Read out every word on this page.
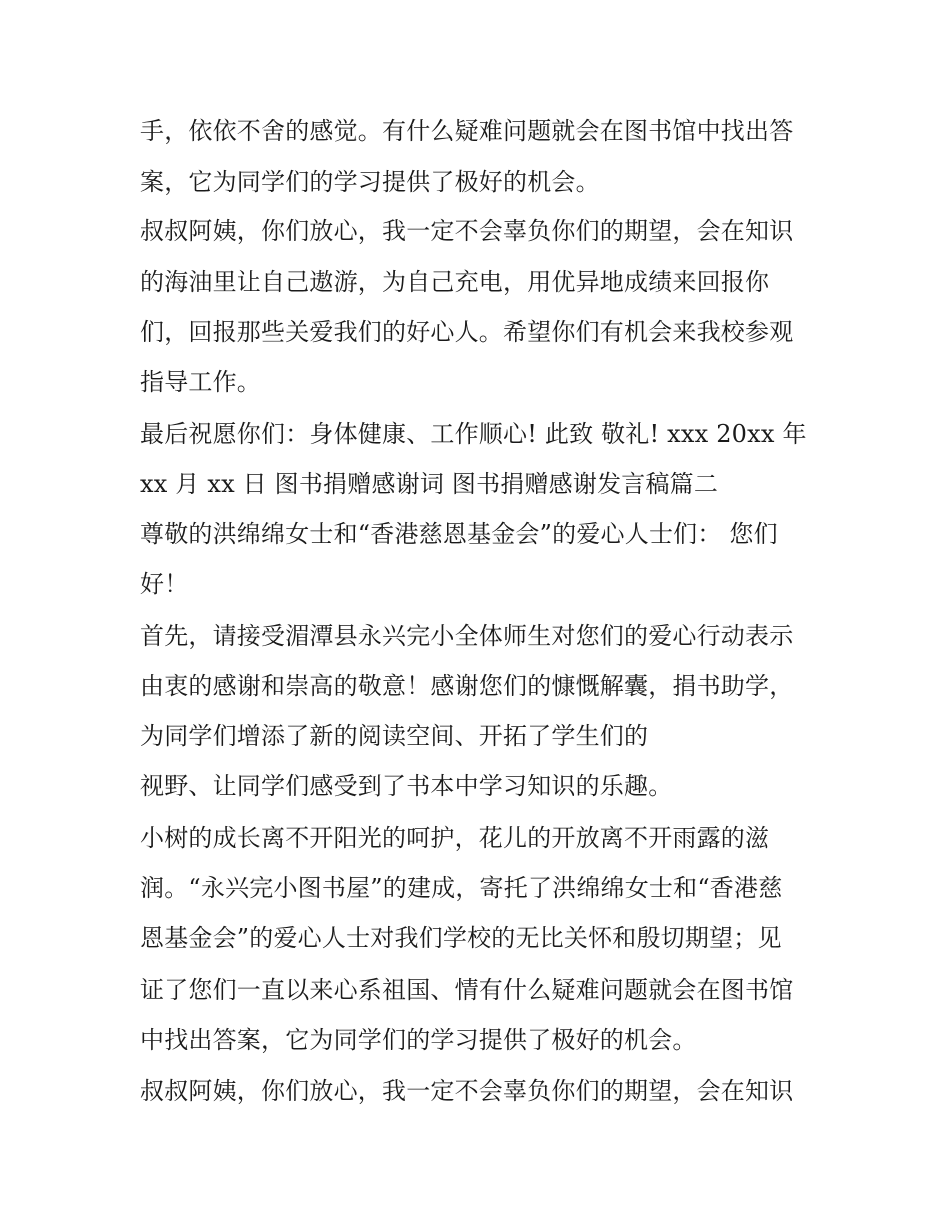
手，依依不舍的感觉。有什么疑难问题就会在图书馆中找出答
案，它为同学们的学习提供了极好的机会。
叔叔阿姨，你们放心，我一定不会辜负你们的期望，会在知识
的海油里让自己遨游，为自己充电，用优异地成绩来回报你
们，回报那些关爱我们的好心人。希望你们有机会来我校参观
指导工作。
最后祝愿你们：身体健康、工作顺心! 此致 敬礼! xxx 20xx 年
xx 月 xx 日 图书捐赠感谢词 图书捐赠感谢发言稿篇二
尊敬的洪绵绵女士和“香港慈恩基金会”的爱心人士们： 您们
好！
首先，请接受湄潭县永兴完小全体师生对您们的爱心行动表示
由衷的感谢和崇高的敬意！感谢您们的慷慨解囊，捐书助学，
为同学们增添了新的阅读空间、开拓了学生们的
视野、让同学们感受到了书本中学习知识的乐趣。
小树的成长离不开阳光的呵护，花儿的开放离不开雨露的滋
润。“永兴完小图书屋”的建成，寄托了洪绵绵女士和“香港慈
恩基金会”的爱心人士对我们学校的无比关怀和殷切期望；见
证了您们一直以来心系祖国、情有什么疑难问题就会在图书馆
中找出答案，它为同学们的学习提供了极好的机会。
叔叔阿姨，你们放心，我一定不会辜负你们的期望，会在知识
